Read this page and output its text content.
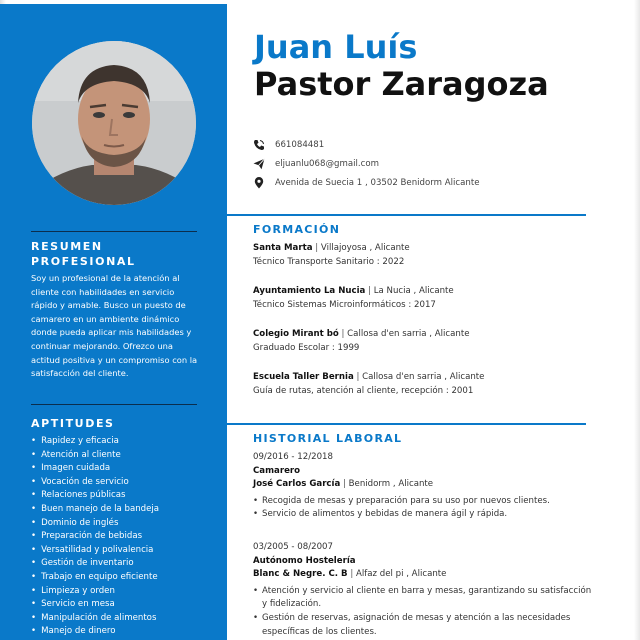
RESUMEN
PROFESIONAL
Soy un profesional de la atención al cliente con habilidades en servicio rápido y amable. Busco un puesto de camarero en un ambiente dinámico donde pueda aplicar mis habilidades y continuar mejorando. Ofrezco una actitud positiva y un compromiso con la satisfacción del cliente.
APTITUDES
• Rapidez y eficacia
• Atención al cliente
• Imagen cuidada
• Vocación de servicio
• Relaciones públicas
• Buen manejo de la bandeja
• Dominio de inglés
• Preparación de bebidas
• Versatilidad y polivalencia
• Gestión de inventario
• Trabajo en equipo eficiente
• Limpieza y orden
• Servicio en mesa
• Manipulación de alimentos
• Manejo de dinero
Juan Luís
Pastor Zaragoza
661084481
eljuanlu068@gmail.com
Avenida de Suecia 1 , 03502 Benidorm Alicante
FORMACIÓN
Santa Marta | Villajoyosa , Alicante
Técnico Transporte Sanitario : 2022
Ayuntamiento La Nucia | La Nucia , Alicante
Técnico Sistemas Microinformáticos : 2017
Colegio Mirant bó | Callosa d'en sarria , Alicante
Graduado Escolar : 1999
Escuela Taller Bernia | Callosa d'en sarria , Alicante
Guía de rutas, atención al cliente, recepción : 2001
HISTORIAL LABORAL
09/2016 - 12/2018
Camarero
José Carlos García | Benidorm , Alicante
• Recogida de mesas y preparación para su uso por nuevos clientes.
• Servicio de alimentos y bebidas de manera ágil y rápida.
03/2005 - 08/2007
Autónomo Hostelería
Blanc & Negre. C. B | Alfaz del pi , Alicante
• Atención y servicio al cliente en barra y mesas, garantizando su satisfacción y fidelización.
• Gestión de reservas, asignación de mesas y atención a las necesidades específicas de los clientes.
